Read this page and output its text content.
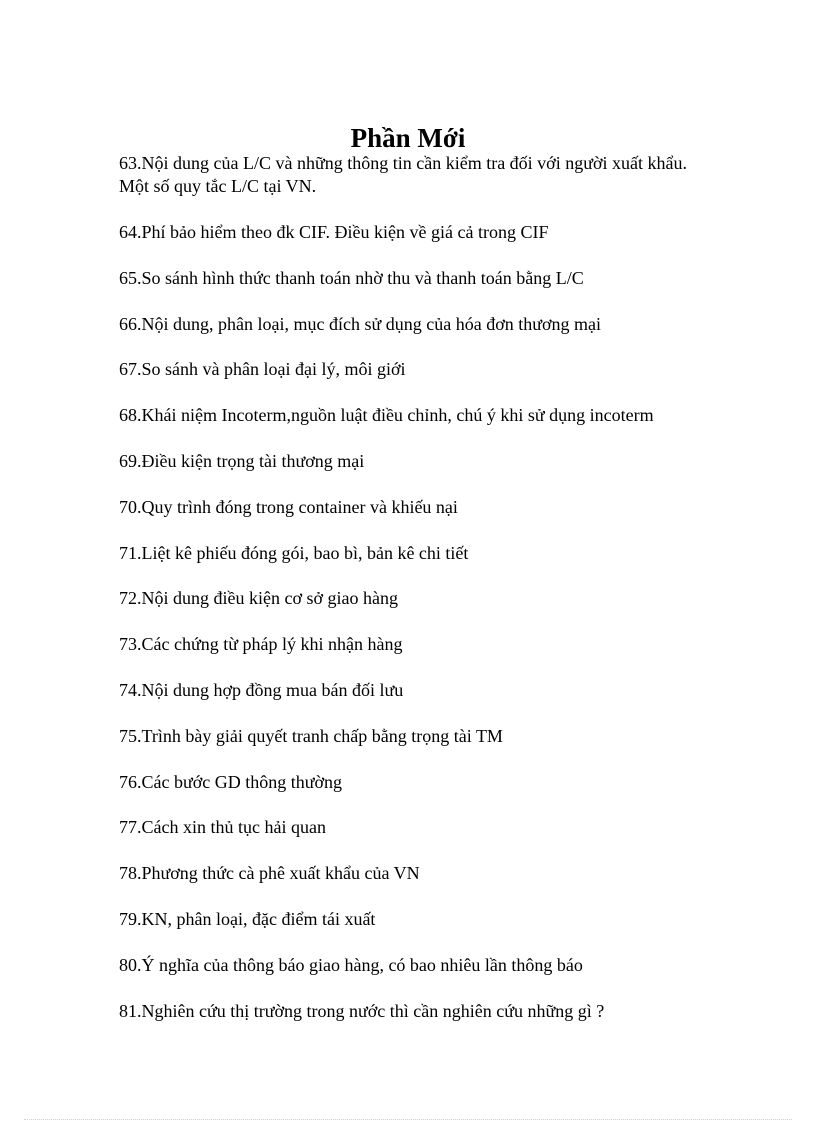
Phần Mới
63.Nội dung của L/C và những thông tin cần kiểm tra đối với người xuất khẩu. Một số quy tắc L/C tại VN.
64.Phí bảo hiểm theo đk CIF. Điều kiện về giá cả trong CIF
65.So sánh hình thức thanh toán nhờ thu và thanh toán bằng L/C
66.Nội dung, phân loại, mục đích sử dụng của hóa đơn thương mại
67.So sánh và phân loại đại lý, môi giới
68.Khái niệm Incoterm,nguồn luật điều chỉnh, chú ý khi sử dụng incoterm
69.Điều kiện trọng tài thương mại
70.Quy trình đóng trong container và khiếu nại
71.Liệt kê phiếu đóng gói, bao bì, bản kê chi tiết
72.Nội dung điều kiện cơ sở giao hàng
73.Các chứng từ pháp lý khi nhận hàng
74.Nội dung hợp đồng mua bán đối lưu
75.Trình bày giải quyết tranh chấp bằng trọng tài TM
76.Các bước GD thông thường
77.Cách xin thủ tục hải quan
78.Phương thức cà phê xuất khẩu của VN
79.KN, phân loại, đặc điểm tái xuất
80.Ý nghĩa của thông báo giao hàng, có bao nhiêu lần thông báo
81.Nghiên cứu thị trường trong nước thì cần nghiên cứu những gì ?
